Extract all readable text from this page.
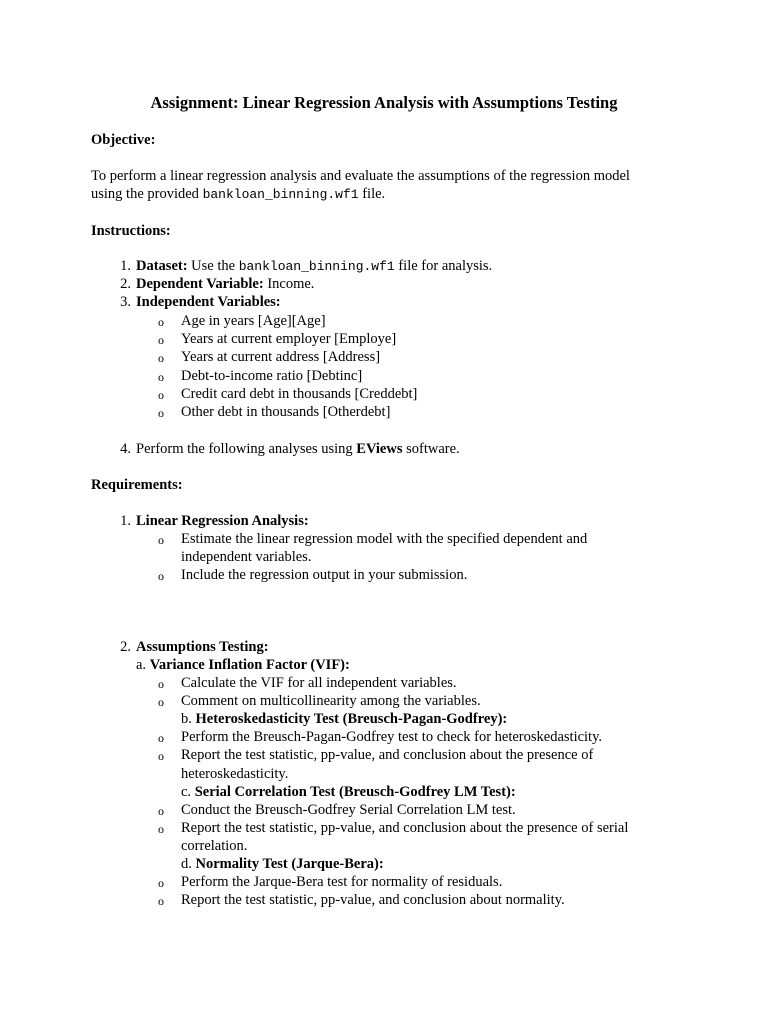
Assignment: Linear Regression Analysis with Assumptions Testing
Objective:
To perform a linear regression analysis and evaluate the assumptions of the regression model
using the provided bankloan_binning.wf1 file.
Instructions:
1. Dataset: Use the bankloan_binning.wf1 file for analysis.
2. Dependent Variable: Income.
3. Independent Variables:
o Age in years [Age][Age]
o Years at current employer [Employe]
o Years at current address [Address]
o Debt-to-income ratio [Debtinc]
o Credit card debt in thousands [Creddebt]
o Other debt in thousands [Otherdebt]
4. Perform the following analyses using EViews software.
Requirements:
1. Linear Regression Analysis:
o Estimate the linear regression model with the specified dependent and
independent variables.
o Include the regression output in your submission.
2. Assumptions Testing:
a. Variance Inflation Factor (VIF):
o Calculate the VIF for all independent variables.
o Comment on multicollinearity among the variables.
b. Heteroskedasticity Test (Breusch-Pagan-Godfrey):
o Perform the Breusch-Pagan-Godfrey test to check for heteroskedasticity.
o Report the test statistic, pp-value, and conclusion about the presence of
heteroskedasticity.
c. Serial Correlation Test (Breusch-Godfrey LM Test):
o Conduct the Breusch-Godfrey Serial Correlation LM test.
o Report the test statistic, pp-value, and conclusion about the presence of serial
correlation.
d. Normality Test (Jarque-Bera):
o Perform the Jarque-Bera test for normality of residuals.
o Report the test statistic, pp-value, and conclusion about normality.
